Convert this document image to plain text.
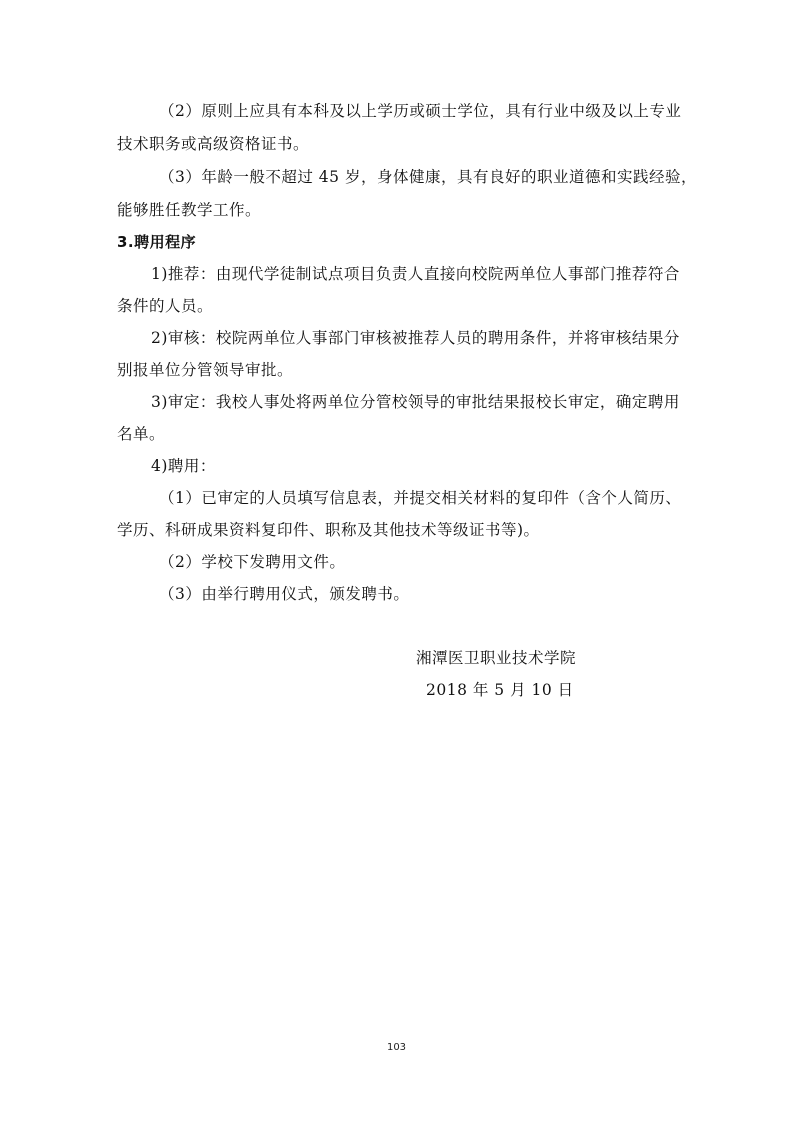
（2）原则上应具有本科及以上学历或硕士学位，具有行业中级及以上专业
技术职务或高级资格证书。
（3）年龄一般不超过 45 岁，身体健康，具有良好的职业道德和实践经验，
能够胜任教学工作。
3.聘用程序
1)推荐：由现代学徒制试点项目负责人直接向校院两单位人事部门推荐符合
条件的人员。
2)审核：校院两单位人事部门审核被推荐人员的聘用条件，并将审核结果分
别报单位分管领导审批。
3)审定：我校人事处将两单位分管校领导的审批结果报校长审定，确定聘用
名单。
4)聘用：
（1）已审定的人员填写信息表，并提交相关材料的复印件（含个人简历、
学历、科研成果资料复印件、职称及其他技术等级证书等)。
（2）学校下发聘用文件。
（3）由举行聘用仪式，颁发聘书。
湘潭医卫职业技术学院
2018 年 5 月 10 日
103
